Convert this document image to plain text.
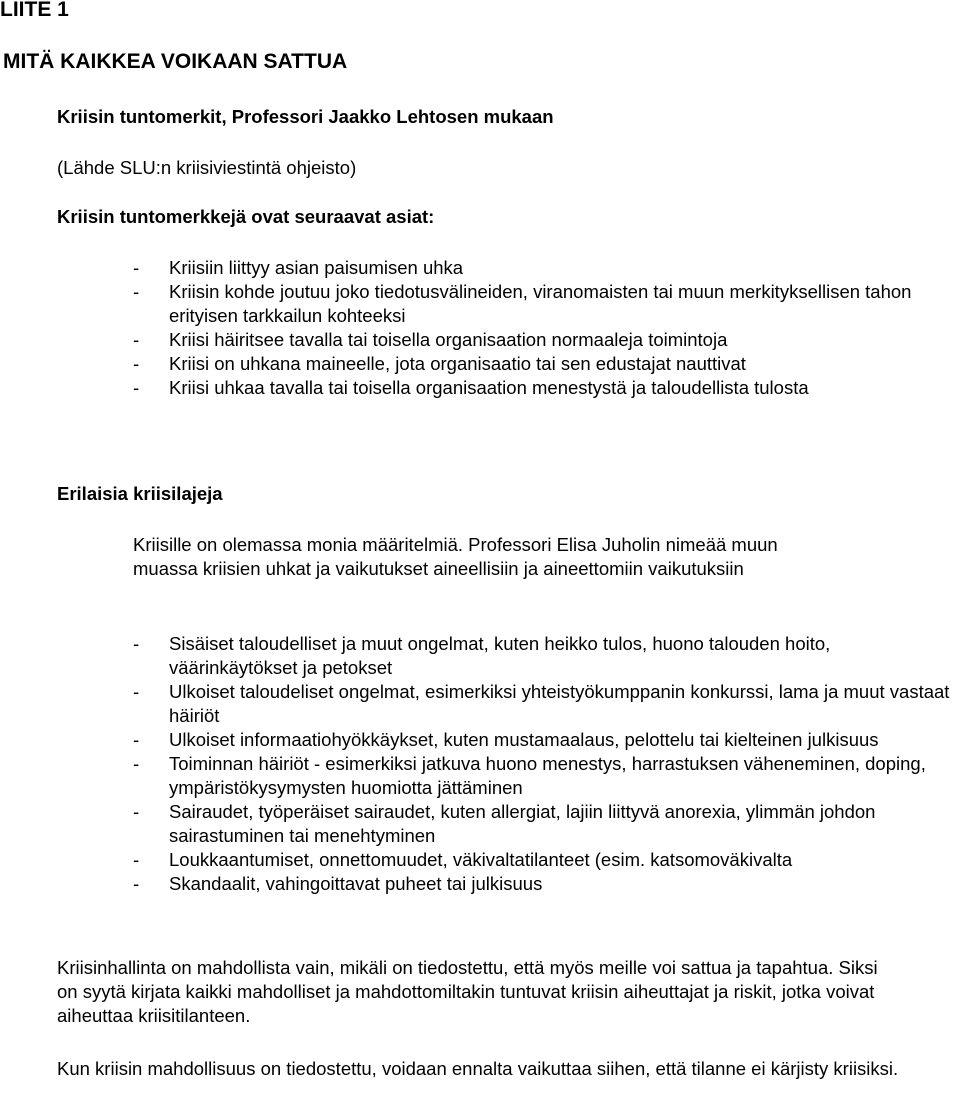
LIITE 1
MITÄ KAIKKEA VOIKAAN SATTUA
Kriisin tuntomerkit, Professori Jaakko Lehtosen mukaan
(Lähde SLU:n kriisiviestintä ohjeisto)
Kriisin tuntomerkkejä ovat seuraavat asiat:
- Kriisiin liittyy asian paisumisen uhka
- Kriisin kohde joutuu joko tiedotusvälineiden, viranomaisten tai muun merkityksellisen tahon erityisen tarkkailun kohteeksi
- Kriisi häiritsee tavalla tai toisella organisaation normaaleja toimintoja
- Kriisi on uhkana maineelle, jota organisaatio tai sen edustajat nauttivat
- Kriisi uhkaa tavalla tai toisella organisaation menestystä ja taloudellista tulosta
Erilaisia kriisilajeja
Kriisille on olemassa monia määritelmiä. Professori Elisa Juholin nimeää muun
muassa kriisien uhkat ja vaikutukset aineellisiin ja aineettomiin vaikutuksiin
- Sisäiset taloudelliset ja muut ongelmat, kuten heikko tulos, huono talouden hoito, väärinkäytökset ja petokset
- Ulkoiset taloudeliset ongelmat, esimerkiksi yhteistyökumppanin konkurssi, lama ja muut vastaat häiriöt
- Ulkoiset informaatiohyökkäykset, kuten mustamaalaus, pelottelu tai kielteinen julkisuus
- Toiminnan häiriöt - esimerkiksi jatkuva huono menestys, harrastuksen väheneminen, doping, ympäristökysymysten huomiotta jättäminen
- Sairaudet, työperäiset sairaudet, kuten allergiat, lajiin liittyvä anorexia, ylimmän johdon sairastuminen tai menehtyminen
- Loukkaantumiset, onnettomuudet, väkivaltatilanteet (esim. katsomoväkivalta
- Skandaalit, vahingoittavat puheet tai julkisuus

Kriisinhallinta on mahdollista vain, mikäli on tiedostettu, että myös meille voi sattua ja tapahtua. Siksi on syytä kirjata kaikki mahdolliset ja mahdottomiltakin tuntuvat kriisin aiheuttajat ja riskit, jotka voivat aiheuttaa kriisitilanteen.

Kun kriisin mahdollisuus on tiedostettu, voidaan ennalta vaikuttaa siihen, että tilanne ei kärjisty kriisiksi.
